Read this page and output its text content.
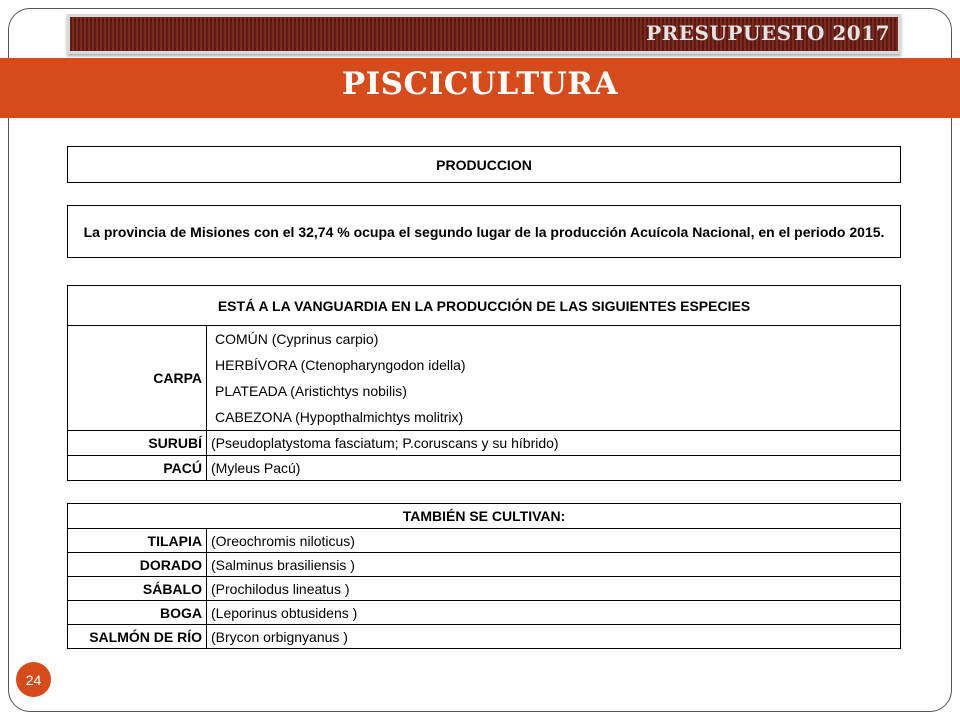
PRESUPUESTO 2017
PISCICULTURA
PRODUCCION
La provincia de Misiones con el 32,74 % ocupa el segundo lugar de la producción Acuícola Nacional, en el periodo 2015.
ESTÁ A LA VANGUARDIA EN LA PRODUCCIÓN DE LAS SIGUIENTES ESPECIES	
CARPA	COMÚN (Cyprinus carpio)
HERBÍVORA (Ctenopharyngodon idella)
PLATEADA (Aristichtys nobilis)
CABEZONA (Hypopthalmichtys molitrix)

SURUBÍ	(Pseudoplatystoma fasciatum; P.coruscans y su híbrido)
PACÚ	(Myleus Pacú)
TAMBIÉN SE CULTIVAN:	
TILAPIA	(Oreochromis niloticus)
DORADO	(Salminus brasiliensis )
SÁBALO	(Prochilodus lineatus )
BOGA	(Leporinus obtusidens )
SALMÓN DE RÍO	(Brycon orbignyanus )
24
